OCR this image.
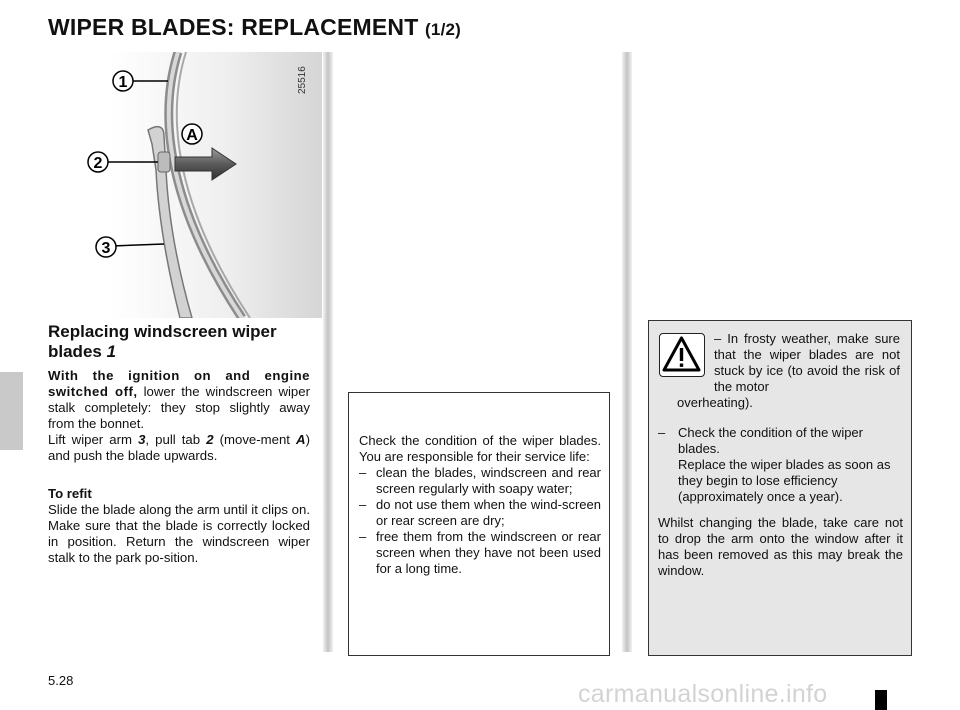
WIPER BLADES: REPLACEMENT (1/2)
1
2
3
A
25516
Replacing windscreen wiper blades 1
With the ignition on and engine switched off, lower the windscreen wiper stalk completely: they stop slightly away from the bonnet.
Lift wiper arm 3, pull tab 2 (move-ment A) and push the blade upwards.
To refit
Slide the blade along the arm until it clips on. Make sure that the blade is correctly locked in position. Return the windscreen wiper stalk to the park po-sition.
Check the condition of the wiper blades. You are responsible for their service life:
– clean the blades, windscreen and rear screen regularly with soapy water;
– do not use them when the wind-screen or rear screen are dry;
– free them from the windscreen or rear screen when they have not been used for a long time.
– In frosty weather, make sure that the wiper blades are not stuck by ice (to avoid the risk of the motor
overheating).
– Check the condition of the wiper blades.
Replace the wiper blades as soon as they begin to lose efficiency (approximately once a year).
Whilst changing the blade, take care not to drop the arm onto the window after it has been removed as this may break the window.
5.28	carmanualsonline.info
